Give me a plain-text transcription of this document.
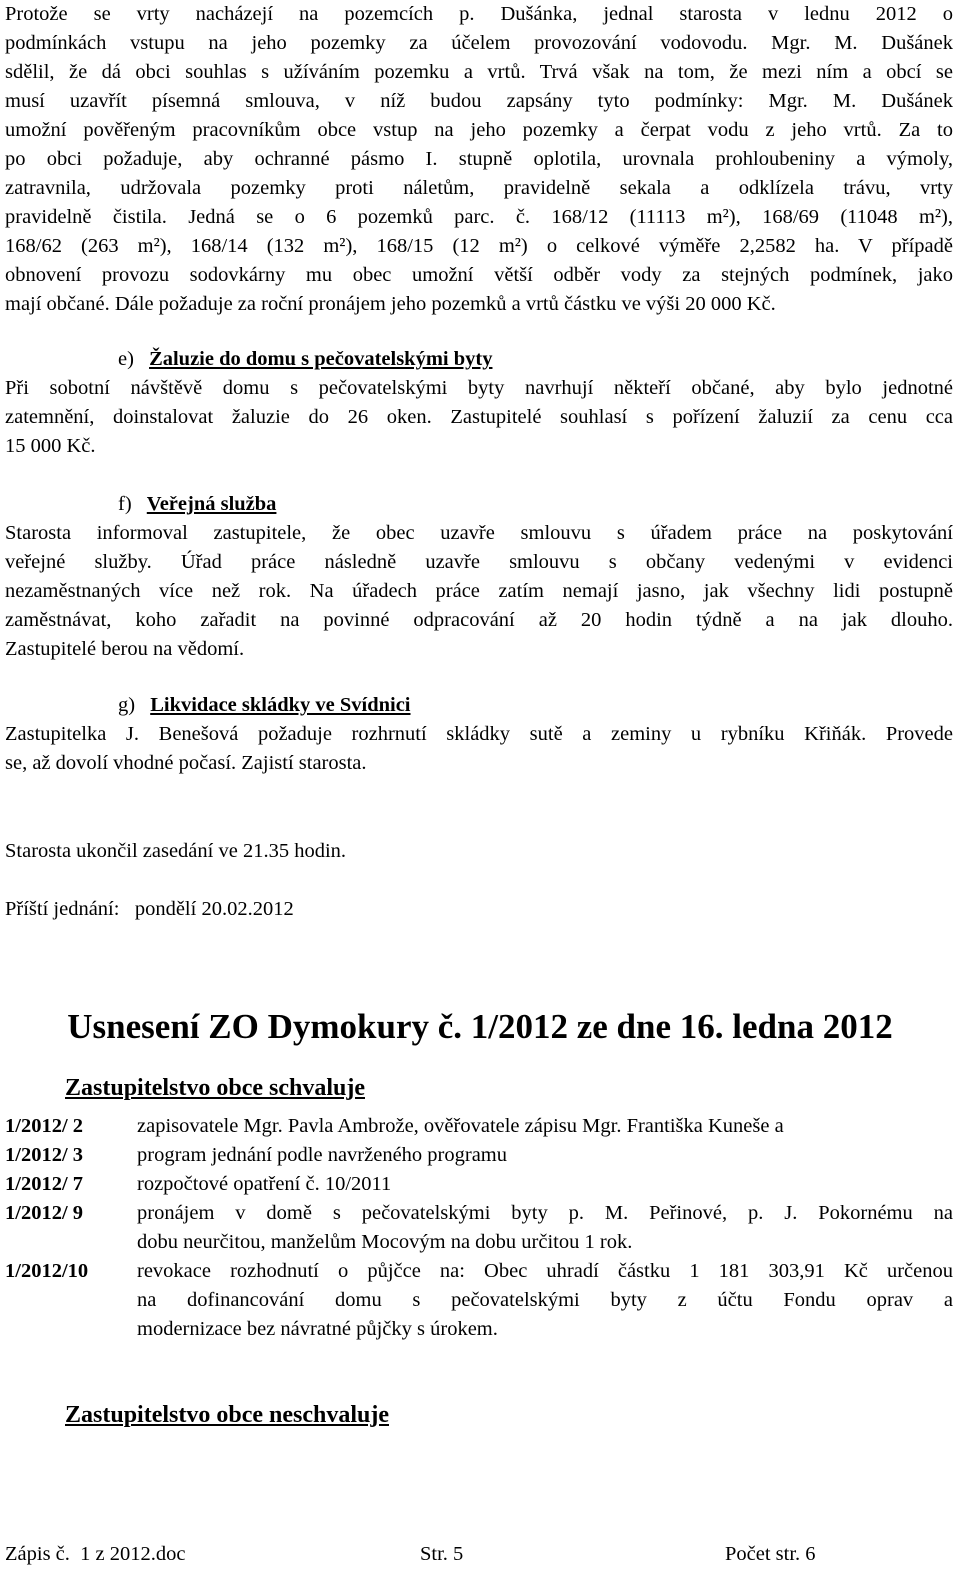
Protože se vrty nacházejí na pozemcích p. Dušánka, jednal starosta v lednu 2012 o
podmínkách vstupu na jeho pozemky za účelem provozování vodovodu. Mgr. M. Dušánek
sdělil, že dá obci souhlas s užíváním pozemku a vrtů. Trvá však na tom, že mezi ním a obcí se
musí uzavřít písemná smlouva, v níž budou zapsány tyto podmínky: Mgr. M. Dušánek
umožní pověřeným pracovníkům obce vstup na jeho pozemky a čerpat vodu z jeho vrtů. Za to
po obci požaduje, aby ochranné pásmo I. stupně oplotila, urovnala prohloubeniny a výmoly,
zatravnila, udržovala pozemky proti náletům, pravidelně sekala a odklízela trávu, vrty
pravidelně čistila. Jedná se o 6 pozemků parc. č. 168/12 (11113 m²), 168/69 (11048 m²),
168/62 (263 m²), 168/14 (132 m²), 168/15 (12 m²) o celkové výměře 2,2582 ha. V případě
obnovení provozu sodovkárny mu obec umožní větší odběr vody za stejných podmínek, jako
mají občané. Dále požaduje za roční pronájem jeho pozemků a vrtů částku ve výši 20 000 Kč.
e) Žaluzie do domu s pečovatelskými byty
Při sobotní návštěvě domu s pečovatelskými byty navrhují někteří občané, aby bylo jednotné
zatemnění, doinstalovat žaluzie do 26 oken. Zastupitelé souhlasí s pořízení žaluzií za cenu cca
15 000 Kč.
f) Veřejná služba
Starosta informoval zastupitele, že obec uzavře smlouvu s úřadem práce na poskytování
veřejné služby. Úřad práce následně uzavře smlouvu s občany vedenými v evidenci
nezaměstnaných více než rok. Na úřadech práce zatím nemají jasno, jak všechny lidi postupně
zaměstnávat, koho zařadit na povinné odpracování až 20 hodin týdně a na jak dlouho.
Zastupitelé berou na vědomí.
g) Likvidace skládky ve Svídnici
Zastupitelka J. Benešová požaduje rozhrnutí skládky sutě a zeminy u rybníku Křiňák. Provede
se, až dovolí vhodné počasí. Zajistí starosta.
Starosta ukončil zasedání ve 21.35 hodin.
Příští jednání:   pondělí 20.02.2012
Usnesení ZO Dymokury č. 1/2012 ze dne 16. ledna 2012
Zastupitelstvo obce schvaluje
1/2012/ 2	zapisovatele Mgr. Pavla Ambrože, ověřovatele zápisu Mgr. Františka Kuneše a
1/2012/ 3	program jednání podle navrženého programu
1/2012/ 7	rozpočtové opatření č. 10/2011
1/2012/ 9	pronájem v domě s pečovatelskými byty p. M. Peřinové, p. J. Pokornému na
dobu neurčitou, manželům Mocovým na dobu určitou 1 rok.
1/2012/10	revokace rozhodnutí o půjčce na: Obec uhradí částku 1 181 303,91 Kč určenou
na dofinancování domu s pečovatelskými byty z účtu Fondu oprav a
modernizace bez návratné půjčky s úrokem.
Zastupitelstvo obce neschvaluje
Zápis č.  1 z 2012.doc	Str. 5	Počet str. 6
